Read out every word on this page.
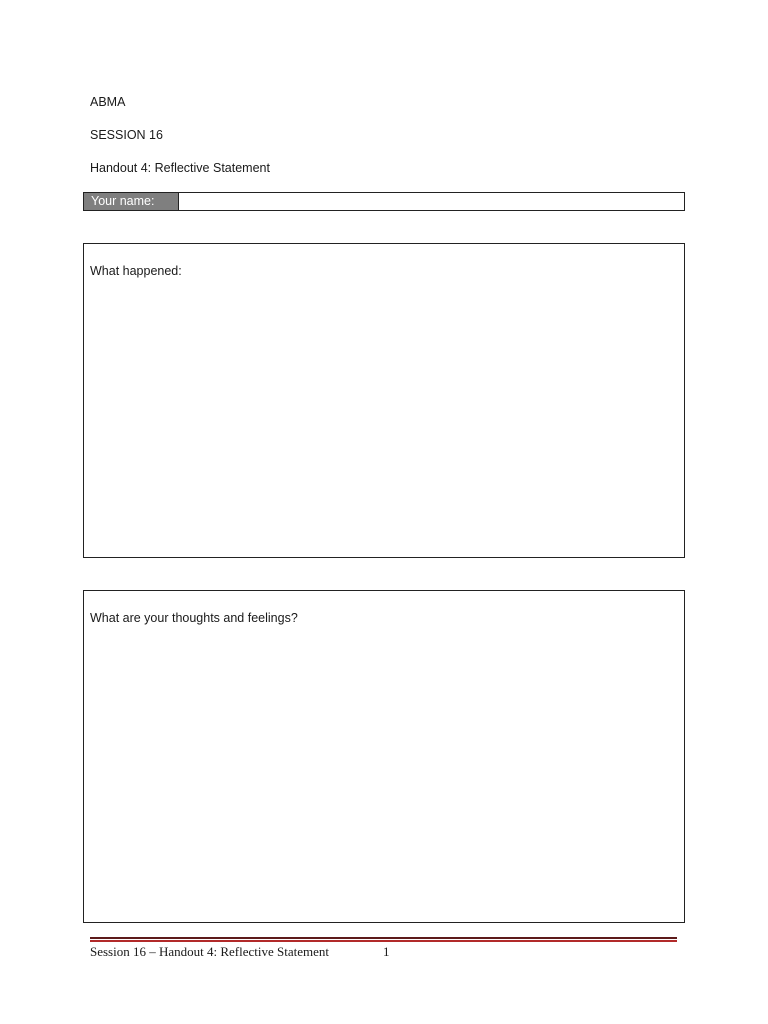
ABMA
SESSION 16
Handout 4: Reflective Statement
Your name:
What happened:
What are your thoughts and feelings?
Session 16 – Handout 4: Reflective Statement	1
